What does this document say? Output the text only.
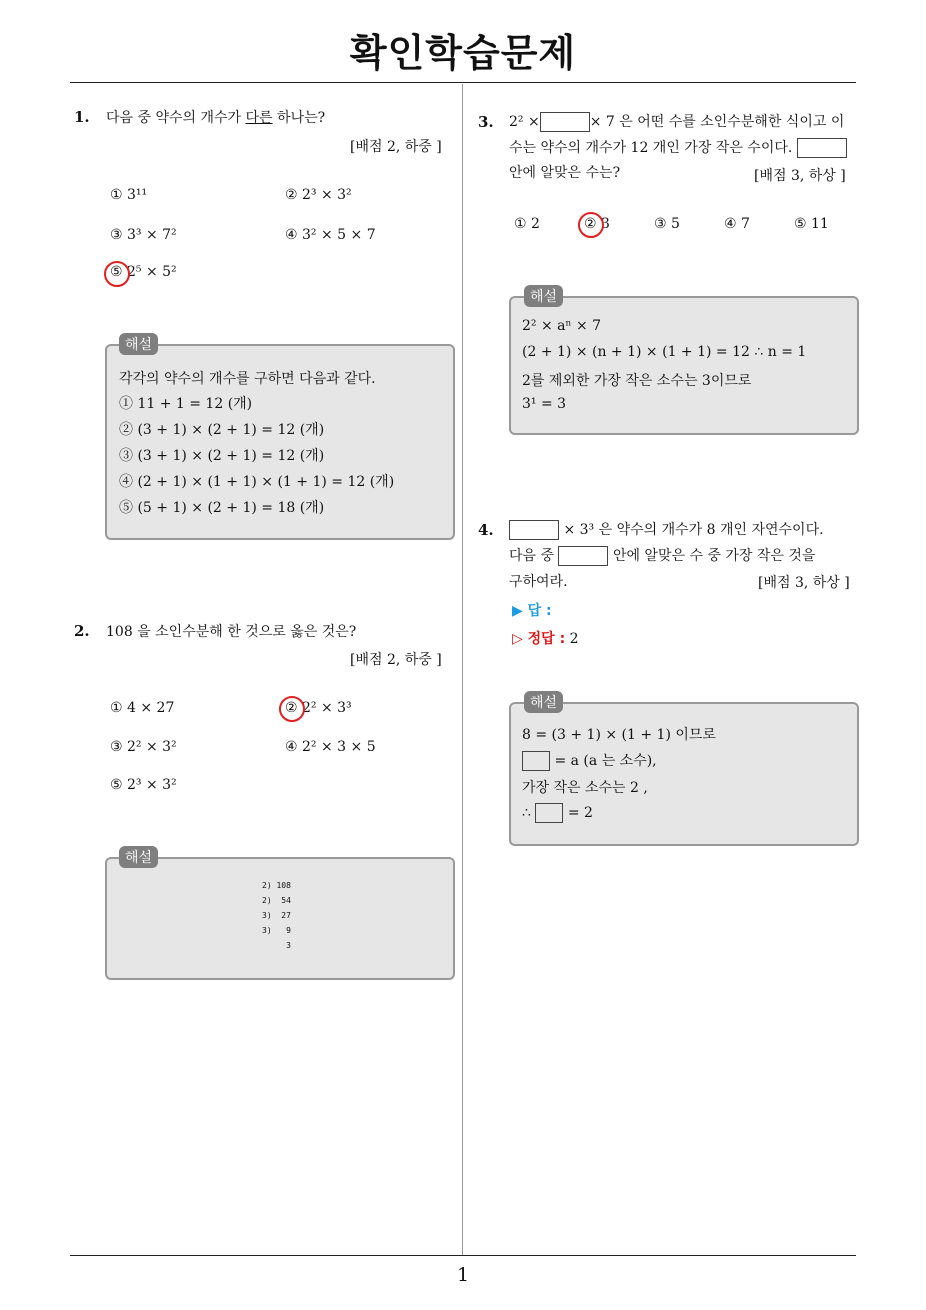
확인학습문제
1. 다음 중 약수의 개수가 다른 하나는?
[배점 2, 하중 ]
① 3¹¹	② 2³ × 3²
③ 3³ × 7²	④ 3² × 5 × 7
⑤ 2⁵ × 5²
해설
각각의 약수의 개수를 구하면 다음과 같다.
① 11 + 1 = 12 (개)
② (3 + 1) × (2 + 1) = 12 (개)
③ (3 + 1) × (2 + 1) = 12 (개)
④ (2 + 1) × (1 + 1) × (1 + 1) = 12 (개)
⑤ (5 + 1) × (2 + 1) = 18 (개)
2. 108 을 소인수분해 한 것으로 옳은 것은?
[배점 2, 하중 ]
① 4 × 27	② 2² × 3³
③ 2² × 3²	④ 2² × 3 × 5
⑤ 2³ × 3²
해설
2) 108
2)  54
3)  27
3)   9
3
3. 2² ×	× 7 은 어떤 수를 소인수분해한 식이고 이
수는 약수의 개수가 12 개인 가장 작은 수이다.
안에 알맞은 수는?	[배점 3, 하상 ]
① 2	② 3	③ 5	④ 7	⑤ 11
해설
2² × aⁿ × 7
(2 + 1) × (n + 1) × (1 + 1) = 12 ∴ n = 1
2를 제외한 가장 작은 소수는 3이므로
3¹ = 3
4.	× 3³ 은 약수의 개수가 8 개인 자연수이다.
다음 중	안에 알맞은 수 중 가장 작은 것을
구하여라.	[배점 3, 하상 ]
▶ 답 :
▷ 정답 : 2
해설
8 = (3 + 1) × (1 + 1) 이므로
= a (a 는 소수),
가장 작은 소수는 2 ,
∴	= 2
1
